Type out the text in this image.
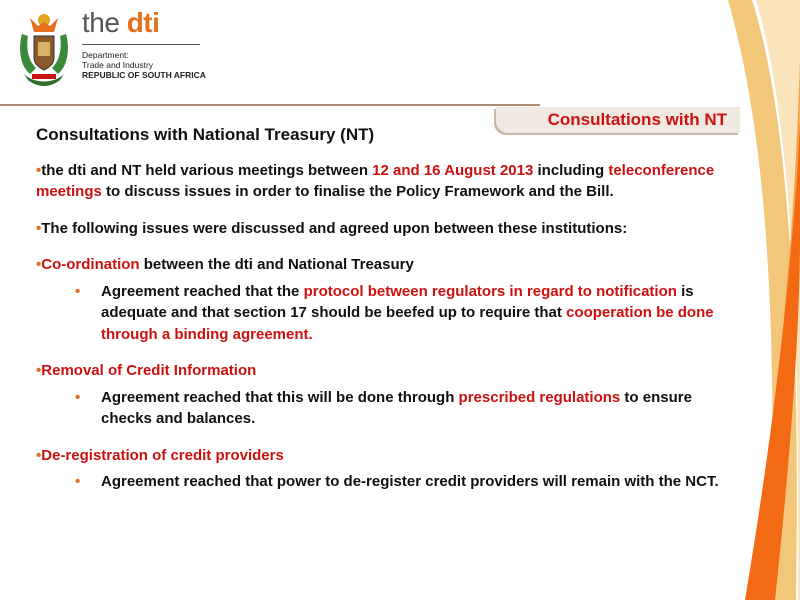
the dti
Department:
Trade and Industry
REPUBLIC OF SOUTH AFRICA
Consultations with NT
Consultations with National Treasury (NT)
•the dti and NT held various meetings between 12 and 16 August 2013 including teleconference meetings to discuss issues in order to finalise the Policy Framework and the Bill.
•The following issues were discussed and agreed upon between these institutions:
•Co-ordination between the dti and National Treasury
• Agreement reached that the protocol between regulators in regard to notification is adequate and that section 17 should be beefed up to require that cooperation be done through a binding agreement.
•Removal of Credit Information
• Agreement reached that this will be done through prescribed regulations to ensure checks and balances.
•De-registration of credit providers
• Agreement reached that power to de-register credit providers will remain with the NCT.
